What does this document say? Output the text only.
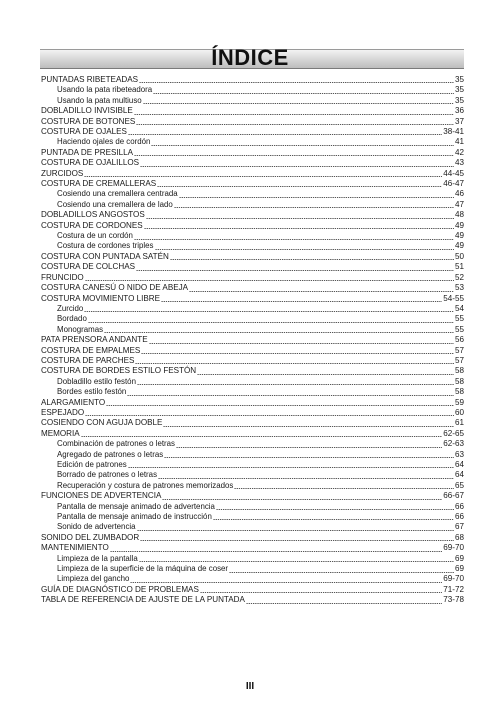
ÍNDICE
PUNTADAS RIBETEADAS	35
Usando la pata ribeteadora	35
Usando la pata multiuso	35
DOBLADILLO INVISIBLE	36
COSTURA DE BOTONES	37
COSTURA DE OJALES	38-41
Haciendo ojales de cordón	41
PUNTADA DE PRESILLA	42
COSTURA DE OJALILLOS	43
ZURCIDOS	44-45
COSTURA DE CREMALLERAS	46-47
Cosiendo una cremallera centrada	46
Cosiendo una cremallera de lado	47
DOBLADILLOS ANGOSTOS	48
COSTURA DE CORDONES	49
Costura de un cordón	49
Costura de cordones triples	49
COSTURA CON PUNTADA SATÉN	50
COSTURA DE COLCHAS	51
FRUNCIDO	52
COSTURA CANESÚ O NIDO DE ABEJA	53
COSTURA MOVIMIENTO LIBRE	54-55
Zurcido	54
Bordado	55
Monogramas	55
PATA PRENSORA ANDANTE	56
COSTURA DE EMPALMES	57
COSTURA DE PARCHES	57
COSTURA DE BORDES ESTILO FESTÓN	58
Dobladillo estilo festón	58
Bordes estilo festón	58
ALARGAMIENTO	59
ESPEJADO	60
COSIENDO CON AGUJA DOBLE	61
MEMORIA	62-65
Combinación de patrones o letras	62-63
Agregado de patrones o letras	63
Edición de patrones	64
Borrado de patrones o letras	64
Recuperación y costura de patrones memorizados	65
FUNCIONES DE ADVERTENCIA	66-67
Pantalla de mensaje animado de advertencia	66
Pantalla de mensaje animado de instrucción	66
Sonido de advertencia	67
SONIDO DEL ZUMBADOR	68
MANTENIMIENTO	69-70
Limpieza de la pantalla	69
Limpieza de la superficie de la máquina de coser	69
Limpieza del gancho	69-70
GUÍA DE DIAGNÓSTICO DE PROBLEMAS	71-72
TABLA DE REFERENCIA DE AJUSTE DE LA PUNTADA	73-78
III
